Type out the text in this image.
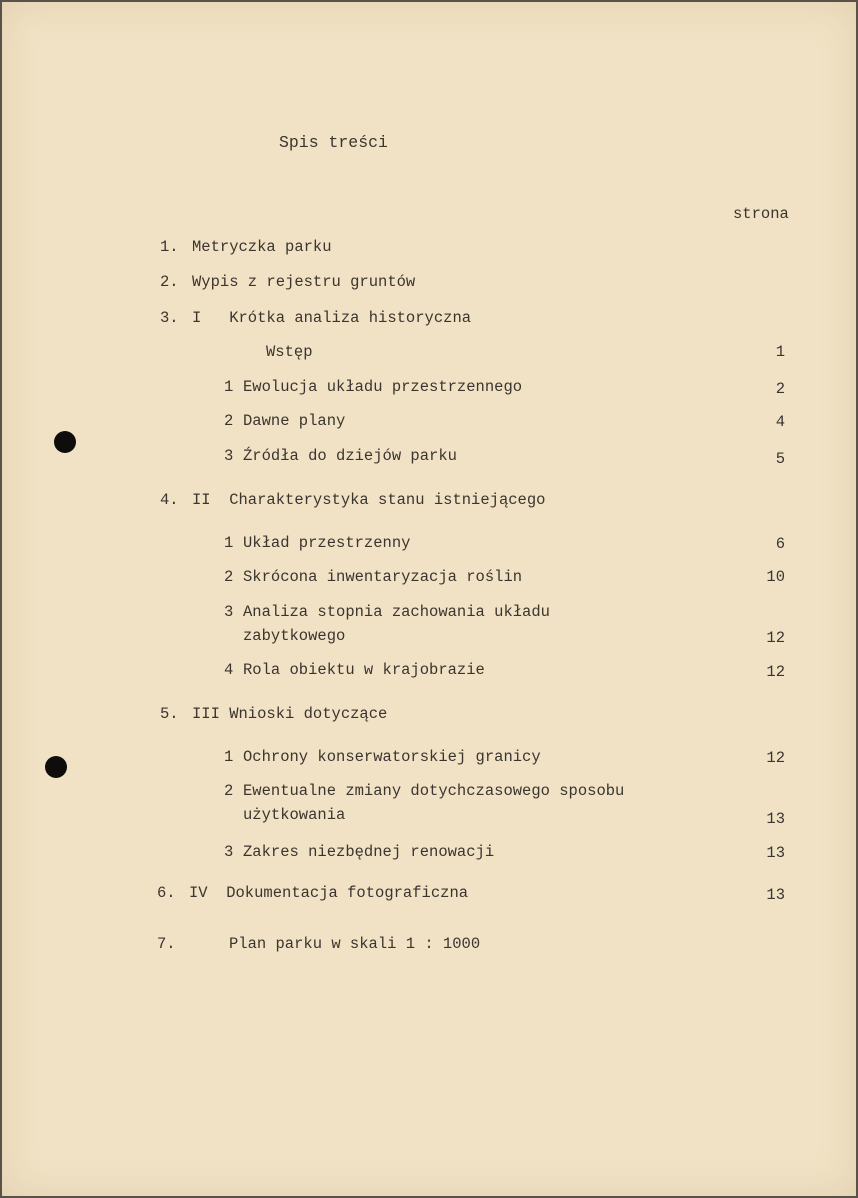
Spis treści
strona
1. Metryczka parku
2. Wypis z rejestru gruntów
3. I   Krótka analiza historyczna
Wstęp	1
1 Ewolucja układu przestrzennego	2
2 Dawne plany	4
3 Źródła do dziejów parku	5
4. II  Charakterystyka stanu istniejącego
1 Układ przestrzenny	6
2 Skrócona inwentaryzacja roślin	10
3 Analiza stopnia zachowania układu
zabytkowego	12
4 Rola obiektu w krajobrazie	12
5. III Wnioski dotyczące
1 Ochrony konserwatorskiej granicy	12
2 Ewentualne zmiany dotychczasowego sposobu
użytkowania	13
3 Zakres niezbędnej renowacji	13
6. IV  Dokumentacja fotograficzna	13
7.	Plan parku w skali 1 : 1000
